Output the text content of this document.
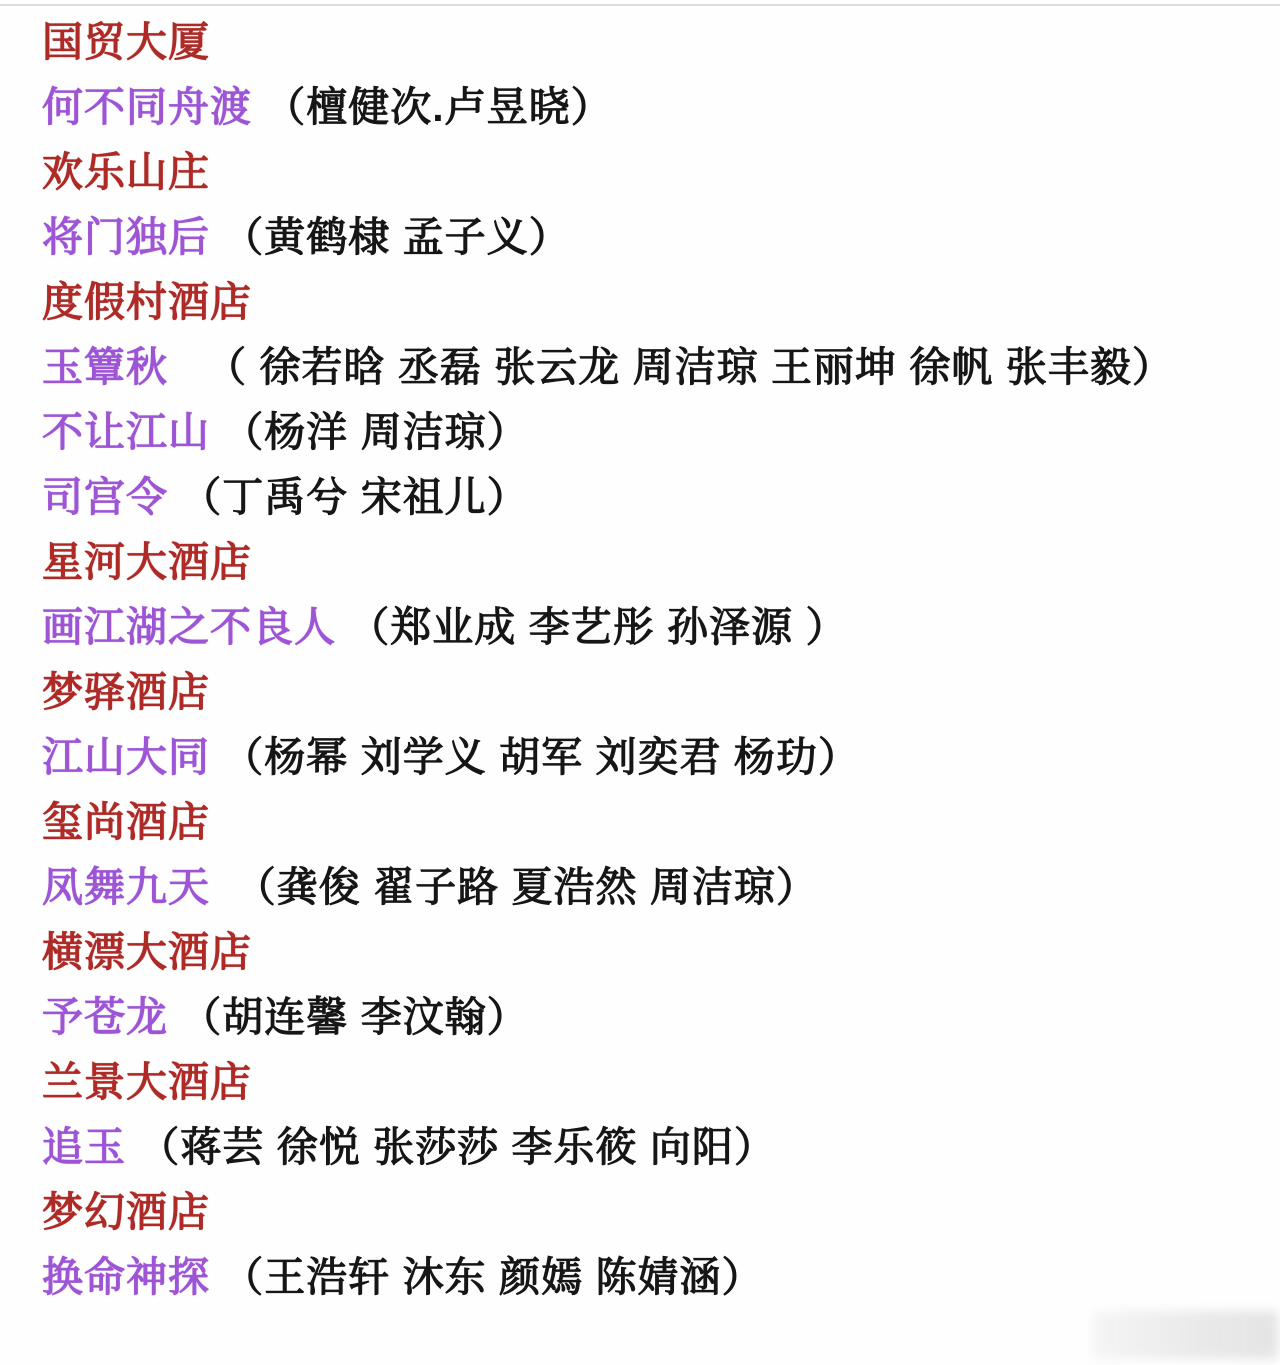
国贸大厦
何不同舟渡 （檀健次.卢昱晓）
欢乐山庄
将门独后 （黄鹤棣 孟子义）
度假村酒店
玉簟秋 （ 徐若晗 丞磊 张云龙 周洁琼 王丽坤 徐帆 张丰毅）
不让江山 （杨洋 周洁琼）
司宫令 （丁禹兮 宋祖儿）
星河大酒店
画江湖之不良人 （郑业成 李艺彤 孙泽源 ）
梦驿酒店
江山大同 （杨幂 刘学义 胡军 刘奕君 杨玏）
玺尚酒店
凤舞九天 （龚俊 翟子路 夏浩然 周洁琼）
横漂大酒店
予苍龙 （胡连馨 李汶翰）
兰景大酒店
追玉 （蒋芸 徐悦 张莎莎 李乐筱 向阳）
梦幻酒店
换命神探 （王浩轩 沐东 颜嫣 陈婧涵）
